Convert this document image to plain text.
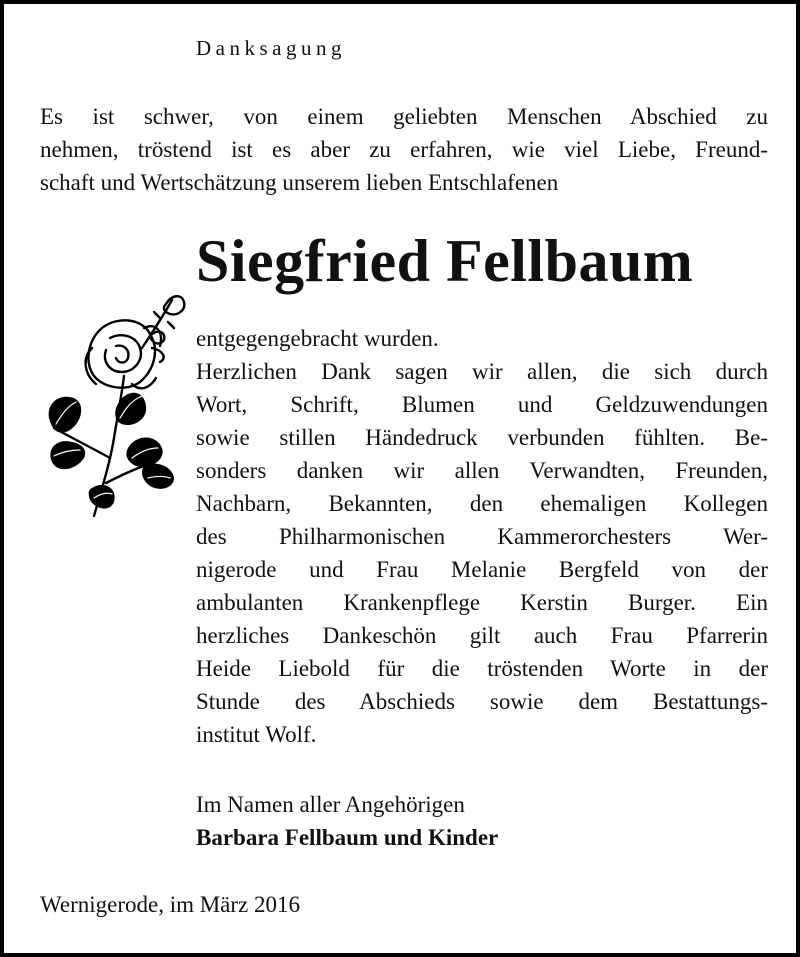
Danksagung
Es ist schwer, von einem geliebten Menschen Abschied zu
nehmen, tröstend ist es aber zu erfahren, wie viel Liebe, Freund-
schaft und Wertschätzung unserem lieben Entschlafenen
Siegfried Fellbaum
entgegengebracht wurden.
Herzlichen Dank sagen wir allen, die sich durch
Wort, Schrift, Blumen und Geldzuwendungen
sowie stillen Händedruck verbunden fühlten. Be-
sonders danken wir allen Verwandten, Freunden,
Nachbarn, Bekannten, den ehemaligen Kollegen
des Philharmonischen Kammerorchesters Wer-
nigerode und Frau Melanie Bergfeld von der
ambulanten Krankenpflege Kerstin Burger. Ein
herzliches Dankeschön gilt auch Frau Pfarrerin
Heide Liebold für die tröstenden Worte in der
Stunde des Abschieds sowie dem Bestattungs-
institut Wolf.
Im Namen aller Angehörigen
Barbara Fellbaum und Kinder
Wernigerode, im März 2016
